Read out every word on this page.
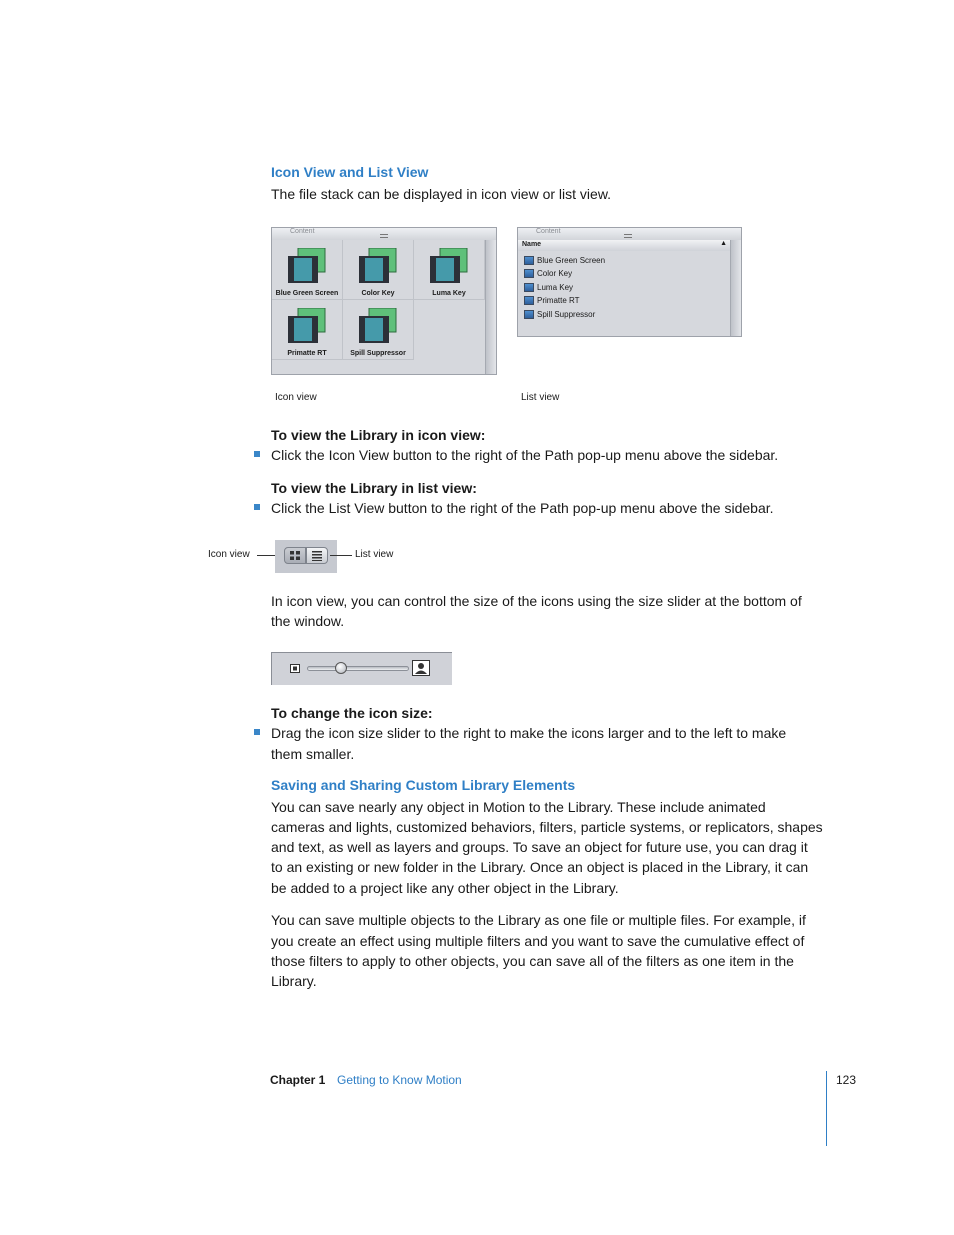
Icon View and List View
The file stack can be displayed in icon view or list view.
Content
Blue Green Screen	Color Key	Luma Key
Primatte RT	Spill Suppressor
Icon view
Content
Name	▲
Blue Green Screen
Color Key
Luma Key
Primatte RT
Spill Suppressor
List view
To view the Library in icon view:
Click the Icon View button to the right of the Path pop-up menu above the sidebar.
To view the Library in list view:
Click the List View button to the right of the Path pop-up menu above the sidebar.
Icon view	List view
In icon view, you can control the size of the icons using the size slider at the bottom of
the window.
To change the icon size:
Drag the icon size slider to the right to make the icons larger and to the left to make
them smaller.
Saving and Sharing Custom Library Elements
You can save nearly any object in Motion to the Library. These include animated
cameras and lights, customized behaviors, filters, particle systems, or replicators, shapes
and text, as well as layers and groups. To save an object for future use, you can drag it
to an existing or new folder in the Library. Once an object is placed in the Library, it can
be added to a project like any other object in the Library.
You can save multiple objects to the Library as one file or multiple files. For example, if
you create an effect using multiple filters and you want to save the cumulative effect of
those filters to apply to other objects, you can save all of the filters as one item in the
Library.
Chapter 1 Getting to Know Motion	123
